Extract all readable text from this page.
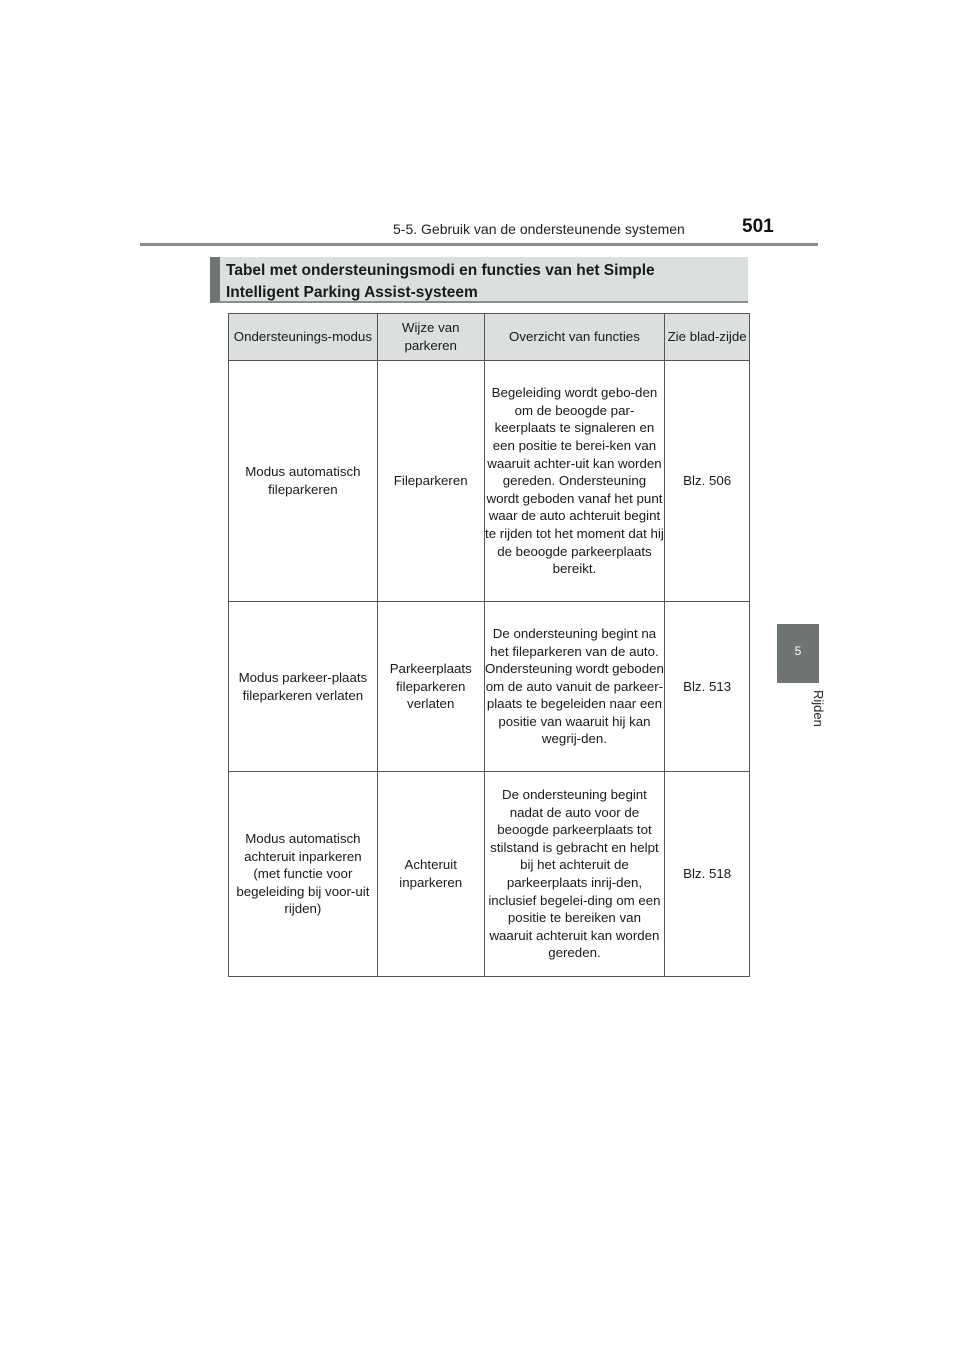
5-5. Gebruik van de ondersteunende systemen	501
5
Rijden
Tabel met ondersteuningsmodi en functies van het Simple
Intelligent Parking Assist-systeem
Ondersteunings-modus	Wijze van parkeren	Overzicht van functies	Zie blad-zijde
Modus automatisch fileparkeren	Fileparkeren	Begeleiding wordt gebo-den om de beoogde par-keerplaats te signaleren en een positie te berei-ken van waaruit achter-uit kan worden gereden. Ondersteuning wordt geboden vanaf het punt waar de auto achteruit begint te rijden tot het moment dat hij de beoogde parkeerplaats bereikt.	Blz. 506
Modus parkeer-plaats fileparkeren verlaten	Parkeerplaats fileparkeren verlaten	De ondersteuning begint na het fileparkeren van de auto. Ondersteuning wordt geboden om de auto vanuit de parkeer-plaats te begeleiden naar een positie van waaruit hij kan wegrij-den.	Blz. 513
Modus automatisch achteruit inparkeren (met functie voor begeleiding bij voor-uit rijden)	Achteruit inparkeren	De ondersteuning begint nadat de auto voor de beoogde parkeerplaats tot stilstand is gebracht en helpt bij het achteruit de parkeerplaats inrij-den, inclusief begelei-ding om een positie te bereiken van waaruit achteruit kan worden gereden.	Blz. 518
